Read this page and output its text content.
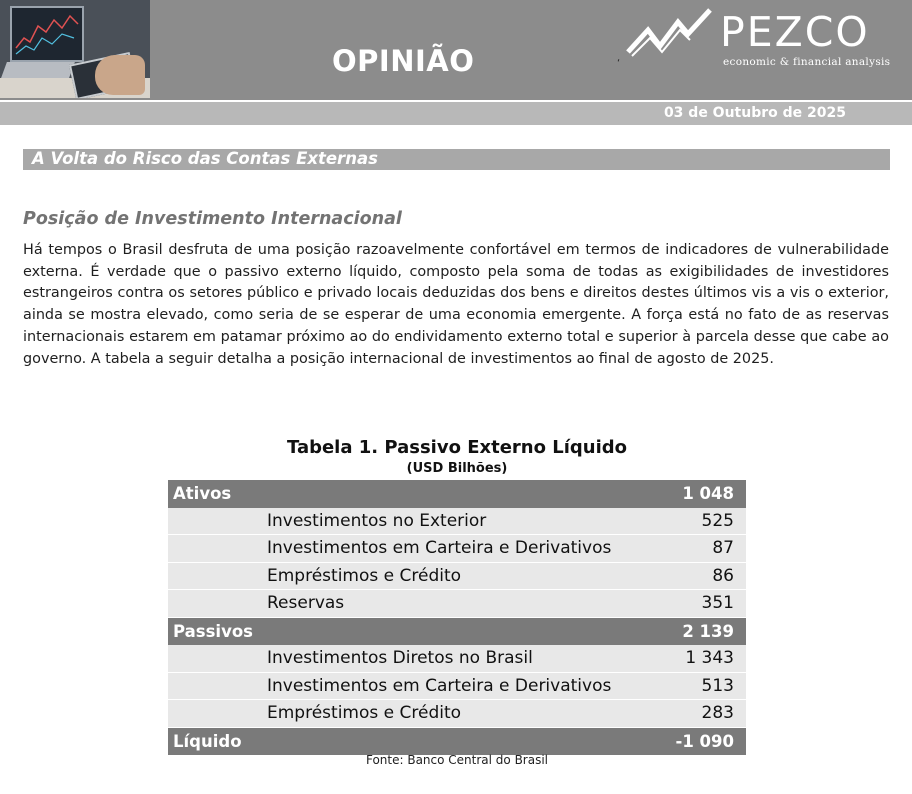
OPINIÃO	‘
PEZCO
economic & financial analysis
03 de Outubro de 2025
A Volta do Risco das Contas Externas
Posição de Investimento Internacional
Há tempos o Brasil desfruta de uma posição razoavelmente confortável em termos de indicadores de vulnerabilidade externa. É verdade que o passivo externo líquido, composto pela soma de todas as exigibilidades de investidores estrangeiros contra os setores público e privado locais deduzidas dos bens e direitos destes últimos vis a vis o exterior, ainda se mostra elevado, como seria de se esperar de uma economia emergente. A força está no fato de as reservas internacionais estarem em patamar próximo ao do endividamento externo total e superior à parcela desse que cabe ao governo. A tabela a seguir detalha a posição internacional de investimentos ao final de agosto de 2025.
Tabela 1. Passivo Externo Líquido
(USD Bilhões)
Ativos	1 048
Investimentos no Exterior	525
Investimentos em Carteira e Derivativos	87
Empréstimos e Crédito	86
Reservas	351
Passivos	2 139
Investimentos Diretos no Brasil	1 343
Investimentos em Carteira e Derivativos	513
Empréstimos e Crédito	283
Líquido	-1 090
Fonte: Banco Central do Brasil
